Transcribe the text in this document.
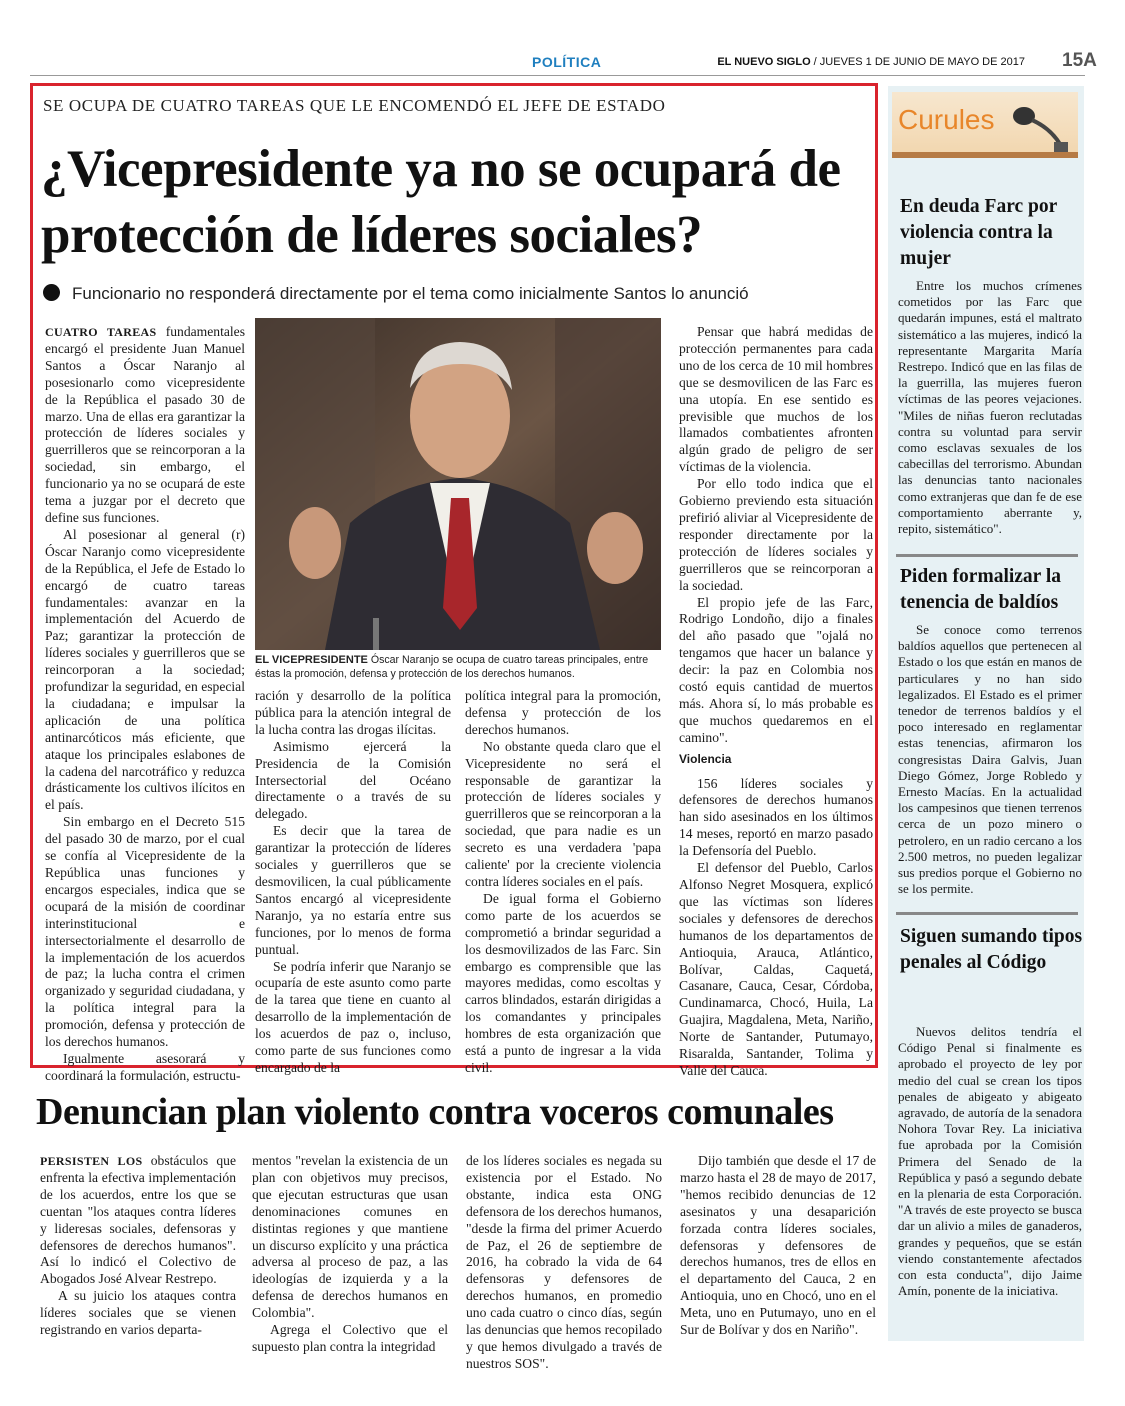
POLÍTICA	EL NUEVO SIGLO / JUEVES 1 DE JUNIO DE MAYO DE 2017 15A
SE OCUPA DE CUATRO TAREAS QUE LE ENCOMENDÓ EL JEFE DE ESTADO
¿Vicepresidente ya no se ocupará de protección de líderes sociales?
Funcionario no responderá directamente por el tema como inicialmente Santos lo anunció

CUATRO TAREAS fundamentales encargó el presidente Juan Manuel Santos a Óscar Naranjo al posesionarlo como vicepresidente de la República el pasado 30 de marzo. Una de ellas era garantizar la protección de líderes sociales y guerrilleros que se reincorporan a la sociedad, sin embargo, el funcionario ya no se ocupará de este tema a juzgar por el decreto que define sus funciones.

Al posesionar al general (r) Óscar Naranjo como vicepresidente de la República, el Jefe de Estado lo encargó de cuatro tareas fundamentales: avanzar en la implementación del Acuerdo de Paz; garantizar la protección de líderes sociales y guerrilleros que se reincorporan a la sociedad; profundizar la seguridad, en especial la ciudadana; e impulsar la aplicación de una política antinarcóticos más eficiente, que ataque los principales eslabones de la cadena del narcotráfico y reduzca drásticamente los cultivos ilícitos en el país.

Sin embargo en el Decreto 515 del pasado 30 de marzo, por el cual se confía al Vicepresidente de la República unas funciones y encargos especiales, indica que se ocupará de la misión de coordinar interinstitucional e intersectorialmente el desarrollo de la implementación de los acuerdos de paz; la lucha contra el crimen organizado y seguridad ciudadana, y la política integral para la promoción, defensa y protección de los derechos humanos.

Igualmente asesorará y coordinará la formulación, estructu-

EL VICEPRESIDENTE Óscar Naranjo se ocupa de cuatro tareas principales, entre éstas la promoción, defensa y protección de los derechos humanos.

ración y desarrollo de la política pública para la atención integral de la lucha contra las drogas ilícitas.

Asimismo ejercerá la Presidencia de la Comisión Intersectorial del Océano directamente o a través de su delegado.

Es decir que la tarea de garantizar la protección de líderes sociales y guerrilleros que se desmovilicen, la cual públicamente Santos encargó al vicepresidente Naranjo, ya no estaría entre sus funciones, por lo menos de forma puntual.

Se podría inferir que Naranjo se ocuparía de este asunto como parte de la tarea que tiene en cuanto al desarrollo de la implementación de los acuerdos de paz o, incluso, como parte de sus funciones como encargado de la

política integral para la promoción, defensa y protección de los derechos humanos.

No obstante queda claro que el Vicepresidente no será el responsable de garantizar la protección de líderes sociales y guerrilleros que se reincorporan a la sociedad, que para nadie es un secreto es una verdadera 'papa caliente' por la creciente violencia contra líderes sociales en el país.

De igual forma el Gobierno como parte de los acuerdos se comprometió a brindar seguridad a los desmovilizados de las Farc. Sin embargo es comprensible que las mayores medidas, como escoltas y carros blindados, estarán dirigidas a los comandantes y principales hombres de esta organización que está a punto de ingresar a la vida civil.

Pensar que habrá medidas de protección permanentes para cada uno de los cerca de 10 mil hombres que se desmovilicen de las Farc es una utopía. En ese sentido es previsible que muchos de los llamados combatientes afronten algún grado de peligro de ser víctimas de la violencia.

Por ello todo indica que el Gobierno previendo esta situación prefirió aliviar al Vicepresidente de responder directamente por la protección de líderes sociales y guerrilleros que se reincorporan a la sociedad.

El propio jefe de las Farc, Rodrigo Londoño, dijo a finales del año pasado que "ojalá no tengamos que hacer un balance y decir: la paz en Colombia nos costó equis cantidad de muertos más. Ahora sí, lo más probable es que muchos quedaremos en el camino".

Violencia

156 líderes sociales y defensores de derechos humanos han sido asesinados en los últimos 14 meses, reportó en marzo pasado la Defensoría del Pueblo.

El defensor del Pueblo, Carlos Alfonso Negret Mosquera, explicó que las víctimas son líderes sociales y defensores de derechos humanos de los departamentos de Antioquia, Arauca, Atlántico, Bolívar, Caldas, Caquetá, Casanare, Cauca, Cesar, Córdoba, Cundinamarca, Chocó, Huila, La Guajira, Magdalena, Meta, Nariño, Norte de Santander, Putumayo, Risaralda, Santander, Tolima y Valle del Cauca.

Curules
En deuda Farc por violencia contra la mujer

Entre los muchos crímenes cometidos por las Farc que quedarán impunes, está el maltrato sistemático a las mujeres, indicó la representante Margarita María Restrepo. Indicó que en las filas de la guerrilla, las mujeres fueron víctimas de las peores vejaciones. "Miles de niñas fueron reclutadas contra su voluntad para servir como esclavas sexuales de los cabecillas del terrorismo. Abundan las denuncias tanto nacionales como extranjeras que dan fe de ese comportamiento aberrante y, repito, sistemático".

Piden formalizar la tenencia de baldíos

Se conoce como terrenos baldíos aquellos que pertenecen al Estado o los que están en manos de particulares y no han sido legalizados. El Estado es el primer tenedor de terrenos baldíos y el poco interesado en reglamentar estas tenencias, afirmaron los congresistas Daira Galvis, Juan Diego Gómez, Jorge Robledo y Ernesto Macías. En la actualidad los campesinos que tienen terrenos cerca de un pozo minero o petrolero, en un radio cercano a los 2.500 metros, no pueden legalizar sus predios porque el Gobierno no se los permite.

Siguen sumando tipos penales al Código

Nuevos delitos tendría el Código Penal si finalmente es aprobado el proyecto de ley por medio del cual se crean los tipos penales de abigeato y abigeato agravado, de autoría de la senadora Nohora Tovar Rey. La iniciativa fue aprobada por la Comisión Primera del Senado de la República y pasó a segundo debate en la plenaria de esta Corporación. "A través de este proyecto se busca dar un alivio a miles de ganaderos, grandes y pequeños, que se están viendo constantemente afectados con esta conducta", dijo Jaime Amín, ponente de la iniciativa.

Denuncian plan violento contra voceros comunales

PERSISTEN LOS obstáculos que enfrenta la efectiva implementación de los acuerdos, entre los que se cuentan "los ataques contra líderes y lideresas sociales, defensoras y defensores de derechos humanos". Así lo indicó el Colectivo de Abogados José Alvear Restrepo.

A su juicio los ataques contra líderes sociales que se vienen registrando en varios departa-

mentos "revelan la existencia de un plan con objetivos muy precisos, que ejecutan estructuras que usan denominaciones comunes en distintas regiones y que mantiene un discurso explícito y una práctica adversa al proceso de paz, a las ideologías de izquierda y a la defensa de derechos humanos en Colombia".

Agrega el Colectivo que el supuesto plan contra la integridad

de los líderes sociales es negada su existencia por el Estado. No obstante, indica esta ONG defensora de los derechos humanos, "desde la firma del primer Acuerdo de Paz, el 26 de septiembre de 2016, ha cobrado la vida de 64 defensoras y defensores de derechos humanos, en promedio uno cada cuatro o cinco días, según las denuncias que hemos recopilado y que hemos divulgado a través de nuestros SOS".

Dijo también que desde el 17 de marzo hasta el 28 de mayo de 2017, "hemos recibido denuncias de 12 asesinatos y una desaparición forzada contra líderes sociales, defensoras y defensores de derechos humanos, tres de ellos en el departamento del Cauca, 2 en Antioquia, uno en Chocó, uno en el Meta, uno en Putumayo, uno en el Sur de Bolívar y dos en Nariño".
